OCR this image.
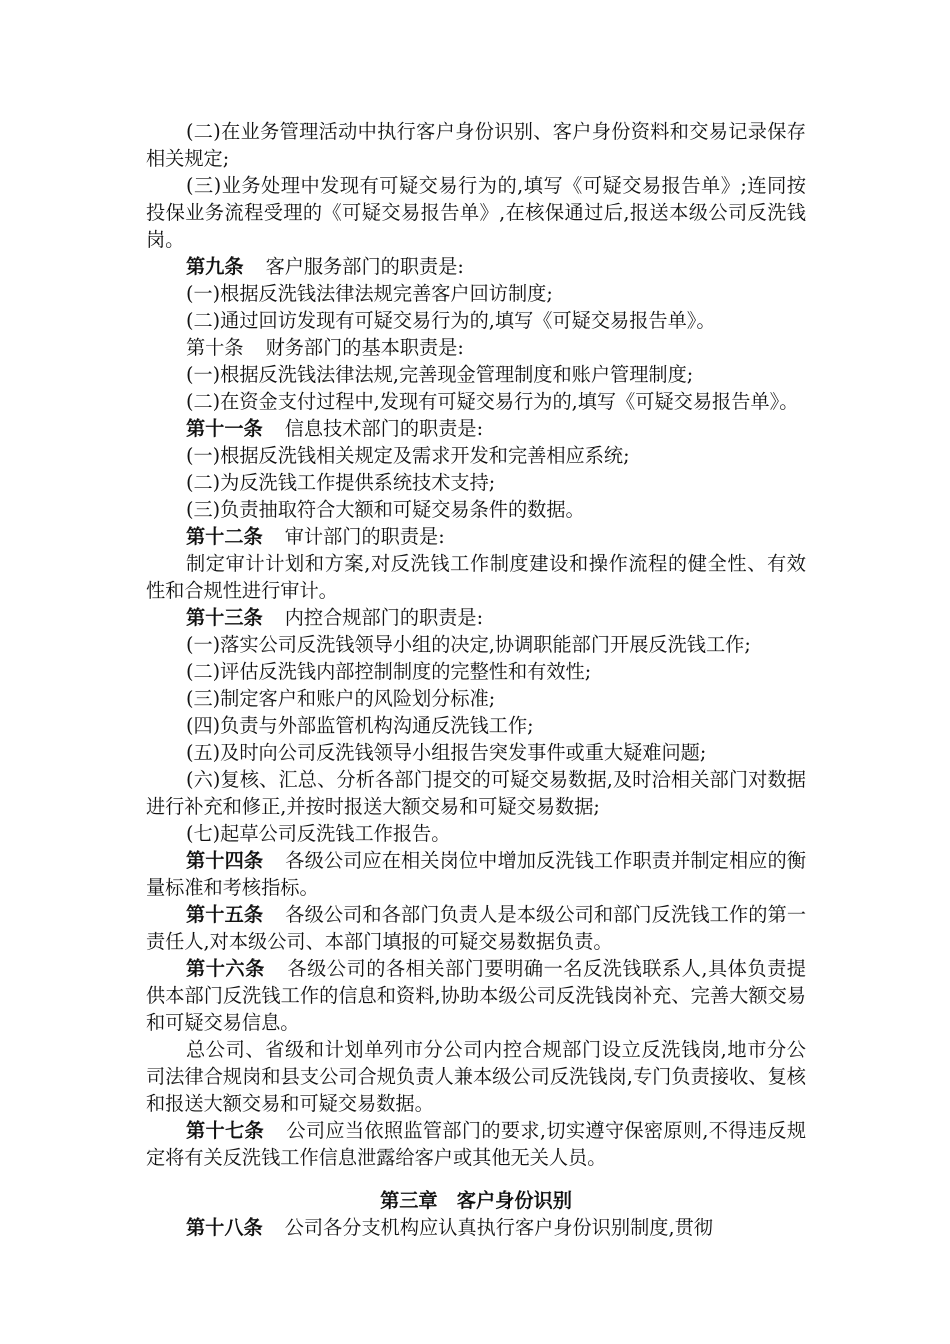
(二)在业务管理活动中执行客户身份识别、客户身份资料和交易记录保存相关规定;

(三)业务处理中发现有可疑交易行为的,填写《可疑交易报告单》;连同按投保业务流程受理的《可疑交易报告单》,在核保通过后,报送本级公司反洗钱岗。

第九条 客户服务部门的职责是:

(一)根据反洗钱法律法规完善客户回访制度;

(二)通过回访发现有可疑交易行为的,填写《可疑交易报告单》。

第十条 财务部门的基本职责是:

(一)根据反洗钱法律法规,完善现金管理制度和账户管理制度;

(二)在资金支付过程中,发现有可疑交易行为的,填写《可疑交易报告单》。

第十一条 信息技术部门的职责是:

(一)根据反洗钱相关规定及需求开发和完善相应系统;

(二)为反洗钱工作提供系统技术支持;

(三)负责抽取符合大额和可疑交易条件的数据。

第十二条 审计部门的职责是:

制定审计计划和方案,对反洗钱工作制度建设和操作流程的健全性、有效性和合规性进行审计。

第十三条 内控合规部门的职责是:

(一)落实公司反洗钱领导小组的决定,协调职能部门开展反洗钱工作;

(二)评估反洗钱内部控制制度的完整性和有效性;

(三)制定客户和账户的风险划分标准;

(四)负责与外部监管机构沟通反洗钱工作;

(五)及时向公司反洗钱领导小组报告突发事件或重大疑难问题;

(六)复核、汇总、分析各部门提交的可疑交易数据,及时洽相关部门对数据进行补充和修正,并按时报送大额交易和可疑交易数据;

(七)起草公司反洗钱工作报告。

第十四条 各级公司应在相关岗位中增加反洗钱工作职责并制定相应的衡量标准和考核指标。

第十五条 各级公司和各部门负责人是本级公司和部门反洗钱工作的第一责任人,对本级公司、本部门填报的可疑交易数据负责。

第十六条 各级公司的各相关部门要明确一名反洗钱联系人,具体负责提供本部门反洗钱工作的信息和资料,协助本级公司反洗钱岗补充、完善大额交易和可疑交易信息。

总公司、省级和计划单列市分公司内控合规部门设立反洗钱岗,地市分公司法律合规岗和县支公司合规负责人兼本级公司反洗钱岗,专门负责接收、复核和报送大额交易和可疑交易数据。

第十七条 公司应当依照监管部门的要求,切实遵守保密原则,不得违反规定将有关反洗钱工作信息泄露给客户或其他无关人员。

第三章　客户身份识别

第十八条 公司各分支机构应认真执行客户身份识别制度,贯彻
